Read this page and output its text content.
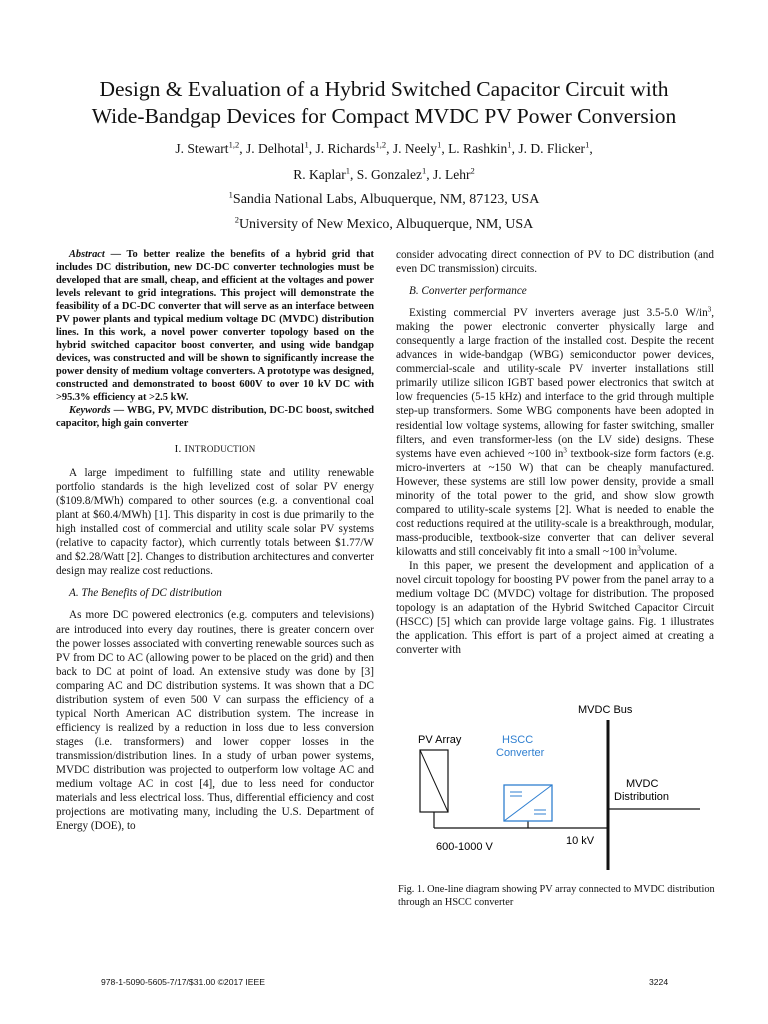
Design & Evaluation of a Hybrid Switched Capacitor Circuit with
Wide-Bandgap Devices for Compact MVDC PV Power Conversion
J. Stewart$^{1,2}$, J. Delhotal$^1$, J. Richards$^{1,2}$, J. Neely$^1$, L. Rashkin$^1$, J. D. Flicker$^1$,
R. Kaplar$^1$, S. Gonzalez$^1$, J. Lehr$^2$
$^1$Sandia National Labs, Albuquerque, NM, 87123, USA
$^2$University of New Mexico, Albuquerque, NM, USA

Abstract — To better realize the benefits of a hybrid grid that includes DC distribution, new DC-DC converter technologies must be developed that are small, cheap, and efficient at the voltages and power levels relevant to grid integrations. This project will demonstrate the feasibility of a DC-DC converter that will serve as an interface between PV power plants and typical medium voltage DC (MVDC) distribution lines. In this work, a novel power converter topology based on the hybrid switched capacitor boost converter, and using wide bandgap devices, was constructed and will be shown to significantly increase the power density of medium voltage converters. A prototype was designed, constructed and demonstrated to boost 600V to over 10 kV DC with >95.3% efficiency at >2.5 kW.

Keywords — WBG, PV, MVDC distribution, DC-DC boost, switched capacitor, high gain converter

I. INTRODUCTION

A large impediment to fulfilling state and utility renewable portfolio standards is the high levelized cost of solar PV energy ($109.8/MWh) compared to other sources (e.g. a conventional coal plant at $60.4/MWh) [1]. This disparity in cost is due primarily to the high installed cost of commercial and utility scale solar PV systems (relative to capacity factor), which currently totals between $1.77/W and $2.28/Watt [2]. Changes to distribution architectures and converter design may realize cost reductions.

A. The Benefits of DC distribution

As more DC powered electronics (e.g. computers and televisions) are introduced into every day routines, there is greater concern over the power losses associated with converting renewable sources such as PV from DC to AC (allowing power to be placed on the grid) and then back to DC at point of load. An extensive study was done by [3] comparing AC and DC distribution systems. It was shown that a DC distribution system of even 500 V can surpass the efficiency of a typical North American AC distribution system. The increase in efficiency is realized by a reduction in loss due to less conversion stages (i.e. transformers) and lower copper losses in the transmission/distribution lines. In a study of urban power systems, MVDC distribution was projected to outperform low voltage AC and medium voltage AC in cost [4], due to less need for conductor materials and less electrical loss. Thus, differential efficiency and cost projections are motivating many, including the U.S. Department of Energy (DOE), to

consider advocating direct connection of PV to DC distribution (and even DC transmission) circuits.

B. Converter performance

Existing commercial PV inverters average just 3.5-5.0 $W/in^3$, making the power electronic converter physically large and consequently a large fraction of the installed cost. Despite the recent advances in wide-bandgap (WBG) semiconductor power devices, commercial-scale and utility-scale PV inverter installations still primarily utilize silicon IGBT based power electronics that switch at low frequencies (5-15 kHz) and interface to the grid through multiple step-up transformers. Some WBG components have been adopted in residential low voltage systems, allowing for faster switching, smaller filters, and even transformer-less (on the LV side) designs. These systems have even achieved ~100 $in^3$ textbook-size form factors (e.g. micro-inverters at ~150 W) that can be cheaply manufactured. However, these systems are still low power density, provide a small minority of the total power to the grid, and show slow growth compared to utility-scale systems [2]. What is needed to enable the cost reductions required at the utility-scale is a breakthrough, modular, mass-producible, textbook-size converter that can deliver several kilowatts and still conceivably fit into a small ~100 $in^3volume$.

In this paper, we present the development and application of a novel circuit topology for boosting PV power from the panel array to a medium voltage DC (MVDC) voltage for distribution. The proposed topology is an adaptation of the Hybrid Switched Capacitor Circuit (HSCC) [5] which can provide large voltage gains. Fig. 1 illustrates the application. This effort is part of a project aimed at creating a converter with

MVDC Bus
PV Array	HSCC
Converter
600-1000 V	10 kV
MVDC
Distribution
Fig. 1. One-line diagram showing PV array connected to MVDC distribution through an HSCC converter
978-1-5090-5605-7/17/$31.00 ©2017 IEEE	3224
